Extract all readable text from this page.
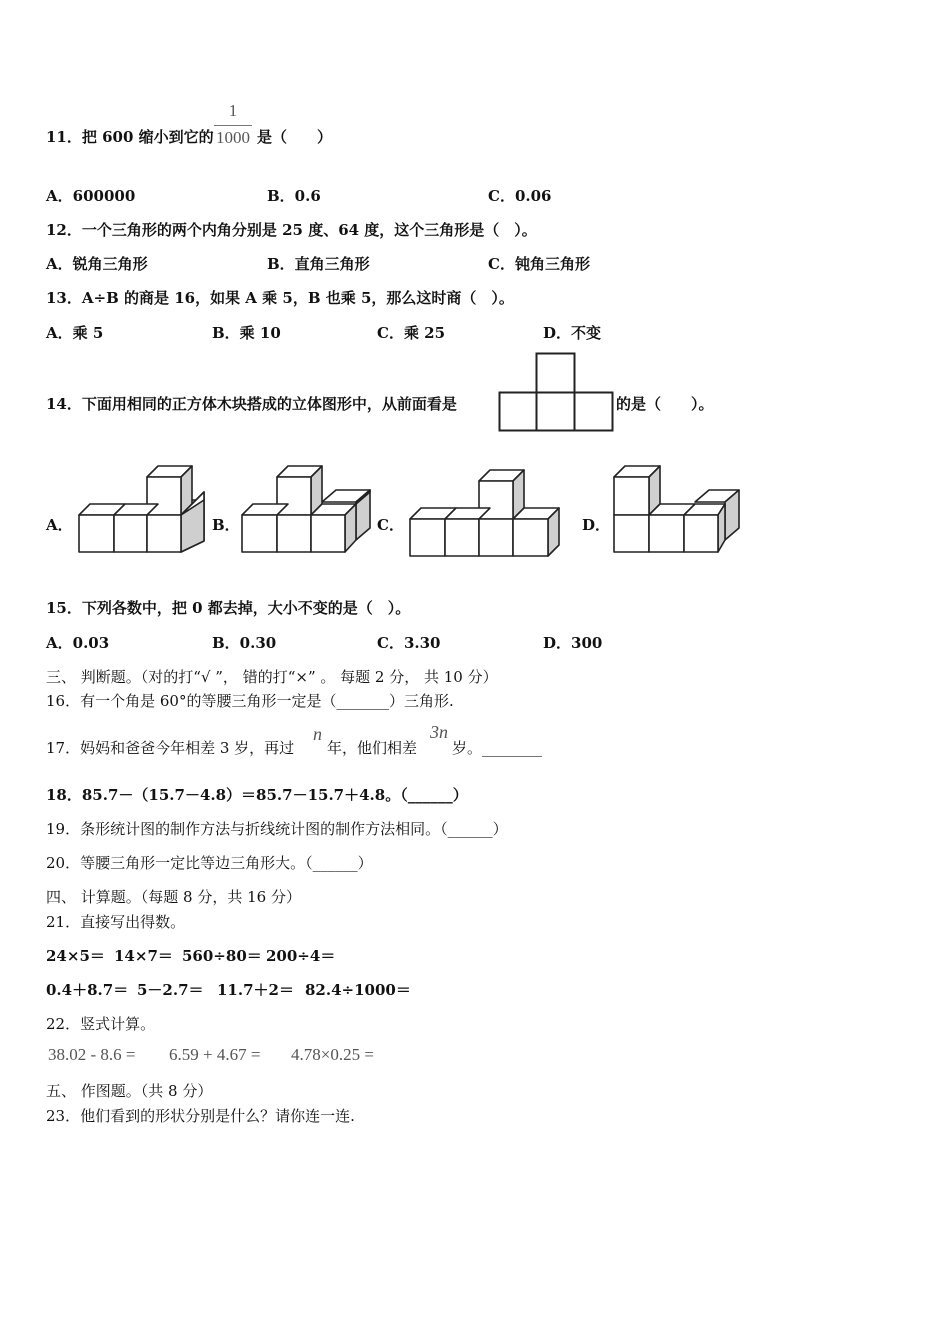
11．把 600 缩小到它的
1
1000 是（　　）
A．600000	B．0.6	C．0.06
12．一个三角形的两个内角分别是 25 度、64 度，这个三角形是（　）。
A．锐角三角形	B．直角三角形	C．钝角三角形
13．A÷B 的商是 16，如果 A 乘 5，B 也乘 5，那么这时商（　）。
A．乘 5	B．乘 10	C．乘 25	D．不变
14．下面用相同的正方体木块搭成的立体图形中，从前面看是	的是（　　）。
A．	B．	C．	D．
15．下列各数中，把 0 都去掉，大小不变的是（　）。
A．0.03	B．0.30	C．3.30	D．300
三、 判断题。（对的打“√ ”， 错的打“×” 。 每题 2 分， 共 10 分）
16．有一个角是 60°的等腰三角形一定是（_______）三角形.
17．妈妈和爸爸今年相差 3 岁，再过
n
年，他们相差
3n
岁。________
18．85.7－（15.7－4.8）＝85.7－15.7＋4.8。（______）
19．条形统计图的制作方法与折线统计图的制作方法相同。（______）
20．等腰三角形一定比等边三角形大。（______）
四、 计算题。（每题 8 分，共 16 分）
21．直接写出得数。
24×5＝ 14×7＝ 560÷80＝ 200÷4＝
0.4＋8.7＝ 5－2.7＝ 11.7＋2＝ 82.4÷1000＝
22．竖式计算。
38.02 - 8.6 = 6.59 + 4.67 = 4.78×0.25 =
五、 作图题。（共 8 分）
23．他们看到的形状分别是什么？请你连一连.
